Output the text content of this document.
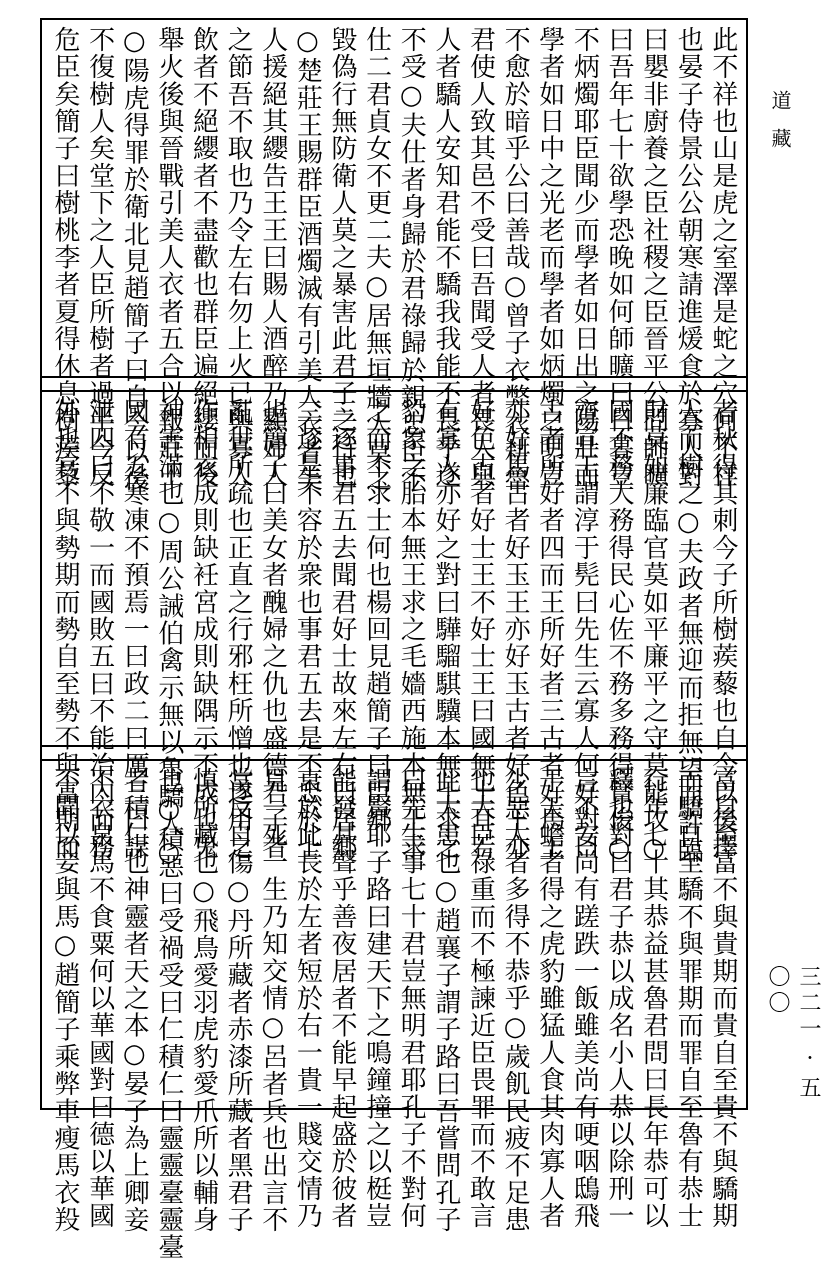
此不祥也山是虎之室澤是蛇之穴何不祥
也晏子侍景公公朝寒請進煖食於寡人對
曰嬰非廚養之臣社稷之臣晉平公問師曠
曰吾年七十欲學恐晚如何師曠曰日暮豈
不炳燭耶臣聞少而學者如日出之陽壯而
學者如日中之光老而學者如炳燭之明豈
不愈於暗乎公曰善哉○曾子衣弊衣耕魯
君使人致其邑不受曰吾聞受人者畏人與
人者驕人安知君能不驕我我能不畏乎遂
不受○夫仕者身歸於君祿歸於親忠臣不
仕二君貞女不更二夫○居無垣牆人莫之
毀偽行無防衛人莫之暴害此君子之行也
○楚莊王賜群臣酒燭滅有引美人衣者美
人援絕其纓告王王曰賜人酒醉乃顯婦人
之節吾不取也乃令左右勿上火已與寡人
飲者不絕纓者不盡歡也群臣遍絕纓而後
舉火後與晉戰引美人衣者五合以報莊王
○陽虎得罪於衛北見趙簡子曰自今以後
不復樹人矣堂下之人臣所樹者過半今反
危臣矣簡子曰樹桃李者夏得休息樹蒺藜
者秋得其刺今子所樹蒺藜也自今以後擇
人而樹之○夫政者無迎而拒無望而許臨
財莫如廉臨官莫如平廉平之守莫能攻○
國不務大務得民心佐不務多務得賢俊○
齊宣王謂淳于髡曰先生云寡人何好對曰
古者所好者四而王所好者三古者好馬王
亦好馬古者好玉王亦好玉古者好色王亦
好色古者好士王不好士王曰國無士耳若
有寡人亦好之對曰驊騮騏驥本無王求之
豹象之胎本無王求之毛嬙西施本無王求
之而不求士何也楊回見趙簡子曰臣鄉
三逐事君五去聞君好士故來左右曰居鄉
三逐是不容於衆也事君五去是不忠於上
也簡子曰美女者醜婦之仇也盛德君子者
亂世所疏也正直之行邪枉所憎也遂用之
作相衣成則缺衽宮成則缺隅示不成也鬼
神害滿也○周公誡伯禽示無以魯驕人○
國有五寒凍不預焉一曰政二曰厲三曰謀
泄四曰不敬一而國敗五曰不能治內而務
外也官不與勢期而勢自至勢不與富期而
富自至富不與貴期而貴自至貴不與驕期
而驕自至驕不與罪期而罪自至魯有恭士
行年七十其恭益甚魯君問曰長年恭可以
釋也對曰君子恭以成名小人恭以除刑一
言不安尚有蹉跌一飯雖美尚有哽咽鴟飛
于天蟾者得之虎豹雖猛人食其肉寡人者
少惡人者多得不恭乎○歲飢民疲不足患
也大臣祿重而不極諫近臣畏罪而不敢言
此大患也○趙襄子謂子路曰吾嘗問孔子
曰先生事七十君豈無明君耶孔子不對何
謂賢耶子路曰建天下之鳴鐘撞之以梃豈
能發其聲乎善夜居者不能早起盛於彼者
衰於此長於左者短於右一貴一賤交情乃
見一死一生乃知交情○呂者兵也出言不
當反自傷○丹所藏者赤漆所藏者黑君子
慎所藏也○飛鳥愛羽虎豹愛爪所以輔身
也○積惡曰受禍受曰仁積仁曰靈靈臺靈臺
者積仁也神靈者天之本○晏子為上卿妾
不衣帛馬不食粟何以華國對曰德以華國
不聞以妾與馬○趙簡子乘弊車瘦馬衣羖
道藏
三二一 · 五〇〇
